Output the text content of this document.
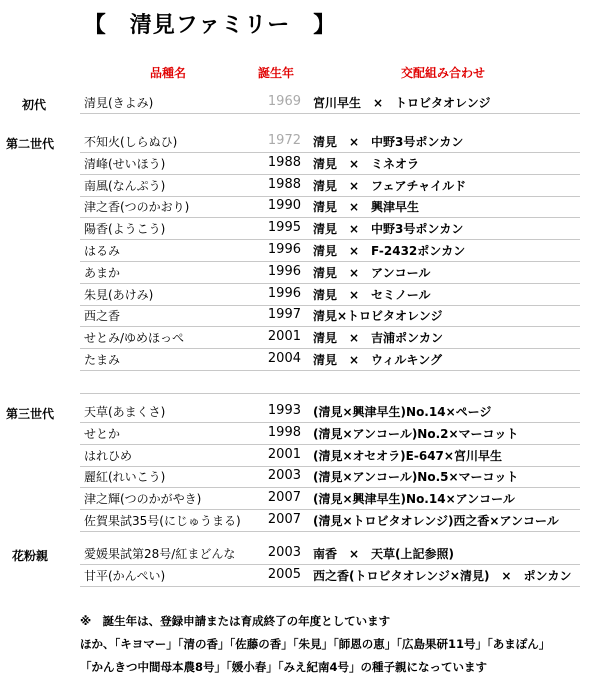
【　清見ファミリー　】
品種名	誕生年	交配組み合わせ
初代	清見(きよみ)	1969 宮川早生　×　トロビタオレンジ
第二世代 不知火(しらぬひ)	1972 清見　×　中野3号ポンカン
清峰(せいほう)	1988 清見　×　ミネオラ
南風(なんぷう)	1988 清見　×　フェアチャイルド
津之香(つのかおり)	1990 清見　×　興津早生
陽香(ようこう)	1995 清見　×　中野3号ポンカン
はるみ	1996 清見　×　F-2432ポンカン
あまか	1996 清見　×　アンコール
朱見(あけみ)	1996 清見　×　セミノール
西之香	1997 清見×トロビタオレンジ
せとみ/ゆめほっぺ	2001 清見　×　吉浦ポンカン
たまみ	2004 清見　×　ウィルキング
第三世代 天草(あまくさ)	1993 (清見×興津早生)No.14×ページ
せとか	1998 (清見×アンコール)No.2×マーコット
はれひめ	2001 (清見×オセオラ)E-647×宮川早生
麗紅(れいこう)	2003 (清見×アンコール)No.5×マーコット
津之輝(つのかがやき)	2007 (清見×興津早生)No.14×アンコール
佐賀果試35号(にじゅうまる)	2007 (清見×トロビタオレンジ)西之香×アンコール
花粉親	愛媛果試第28号/紅まどんな	2003 南香　×　天草(上記参照)
甘平(かんぺい)	2005 西之香(トロビタオレンジ×清見)　×　ポンカン
※　誕生年は、登録申請または育成終了の年度としています
ほか、「キヨマー」「清の香」「佐藤の香」「朱見」「師恩の恵」「広島果研11号」「あまぽん」
「かんきつ中間母本農8号」「媛小春」「みえ紀南4号」の種子親になっています
